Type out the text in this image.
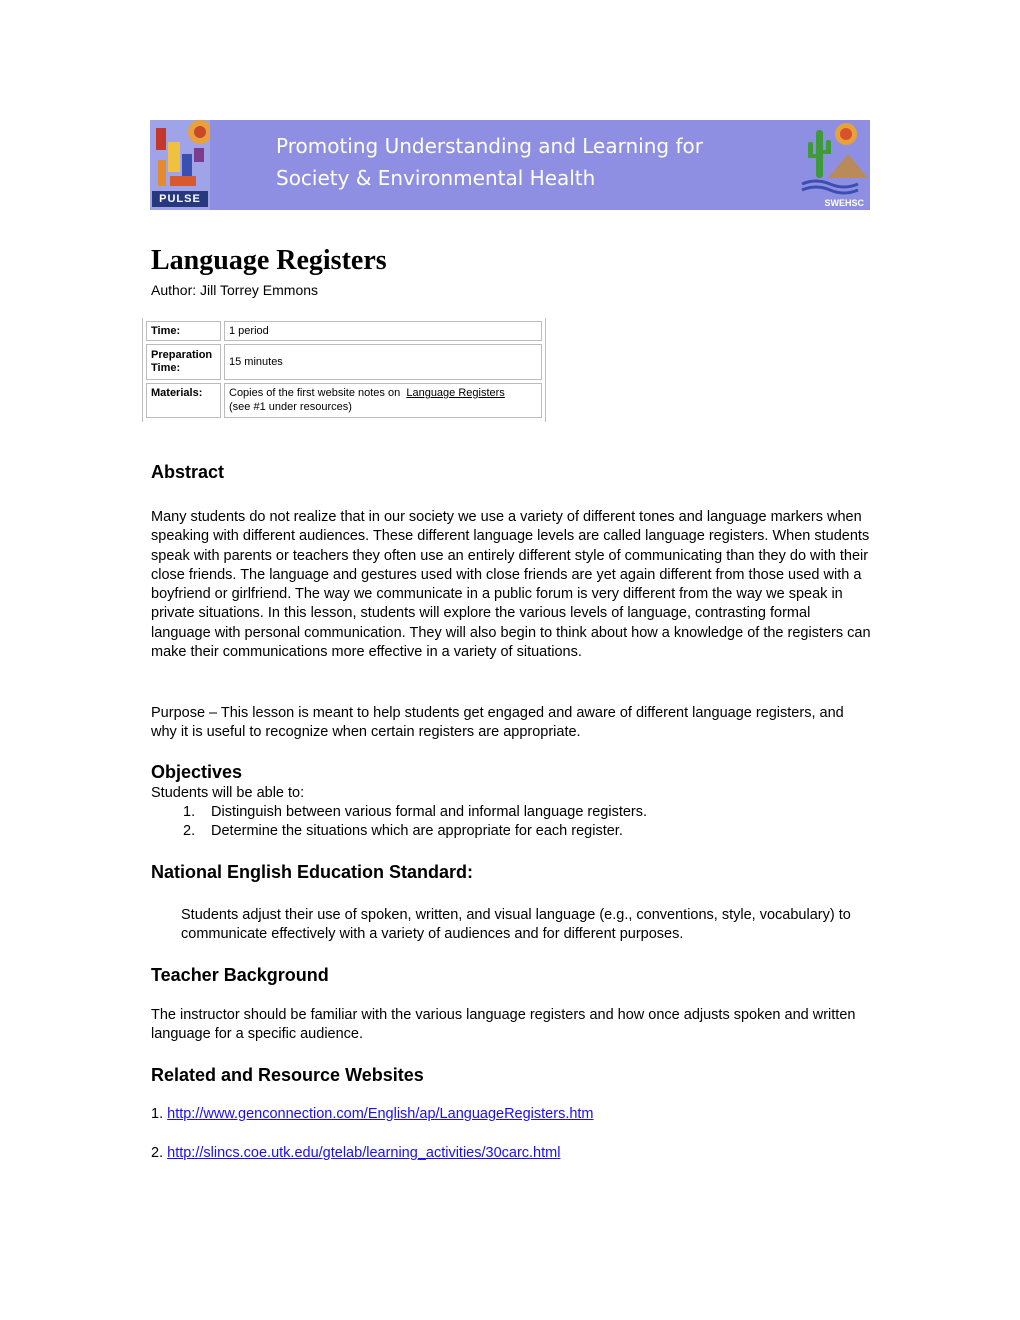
PULSE
Promoting Understanding and Learning for
Society & Environmental Health
SWEHSC
Language Registers
Author: Jill Torrey Emmons
Time:	1 period
Preparation Time:	15 minutes
Materials:	Copies of the first website notes on Language Registers
(see #1 under resources)
Abstract

Many students do not realize that in our society we use a variety of different tones and language markers when speaking with different audiences. These different language levels are called language registers. When students speak with parents or teachers they often use an entirely different style of communicating than they do with their close friends. The language and gestures used with close friends are yet again different from those used with a boyfriend or girlfriend. The way we communicate in a public forum is very different from the way we speak in private situations. In this lesson, students will explore the various levels of language, contrasting formal language with personal communication. They will also begin to think about how a knowledge of the registers can make their communications more effective in a variety of situations.

Purpose – This lesson is meant to help students get engaged and aware of different language registers, and why it is useful to recognize when certain registers are appropriate.

Objectives
Students will be able to:
1. Distinguish between various formal and informal language registers.
2. Determine the situations which are appropriate for each register.
National English Education Standard:

Students adjust their use of spoken, written, and visual language (e.g., conventions, style, vocabulary) to communicate effectively with a variety of audiences and for different purposes.

Teacher Background

The instructor should be familiar with the various language registers and how once adjusts spoken and written language for a specific audience.

Related and Resource Websites
1. http://www.genconnection.com/English/ap/LanguageRegisters.htm
2. http://slincs.coe.utk.edu/gtelab/learning_activities/30carc.html
